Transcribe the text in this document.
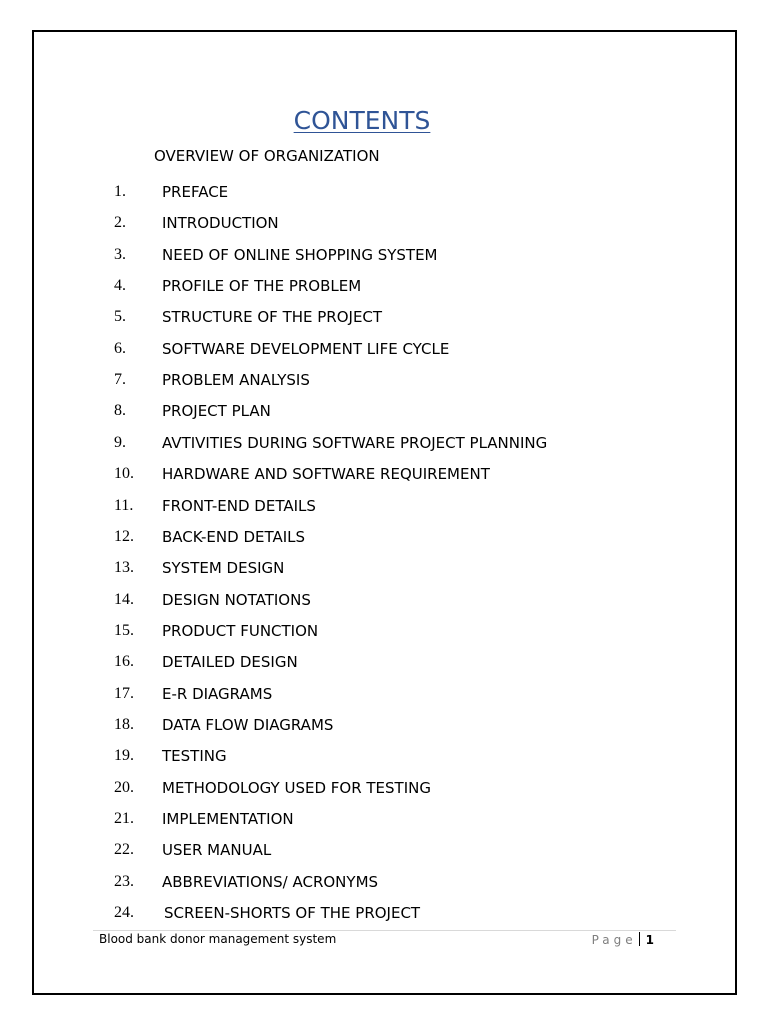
CONTENTS
OVERVIEW OF ORGANIZATION
1. PREFACE
2. INTRODUCTION
3. NEED OF ONLINE SHOPPING SYSTEM
4. PROFILE OF THE PROBLEM
5. STRUCTURE OF THE PROJECT
6. SOFTWARE DEVELOPMENT LIFE CYCLE
7. PROBLEM ANALYSIS
8. PROJECT PLAN
9. AVTIVITIES DURING SOFTWARE PROJECT PLANNING
10. HARDWARE AND SOFTWARE REQUIREMENT
11. FRONT-END DETAILS
12. BACK-END DETAILS
13. SYSTEM DESIGN
14. DESIGN NOTATIONS
15. PRODUCT FUNCTION
16. DETAILED DESIGN
17. E-R DIAGRAMS
18. DATA FLOW DIAGRAMS
19. TESTING
20. METHODOLOGY USED FOR TESTING
21. IMPLEMENTATION
22. USER MANUAL
23. ABBREVIATIONS/ ACRONYMS
24. SCREEN-SHORTS OF THE PROJECT
Blood bank donor management system	Page 1
